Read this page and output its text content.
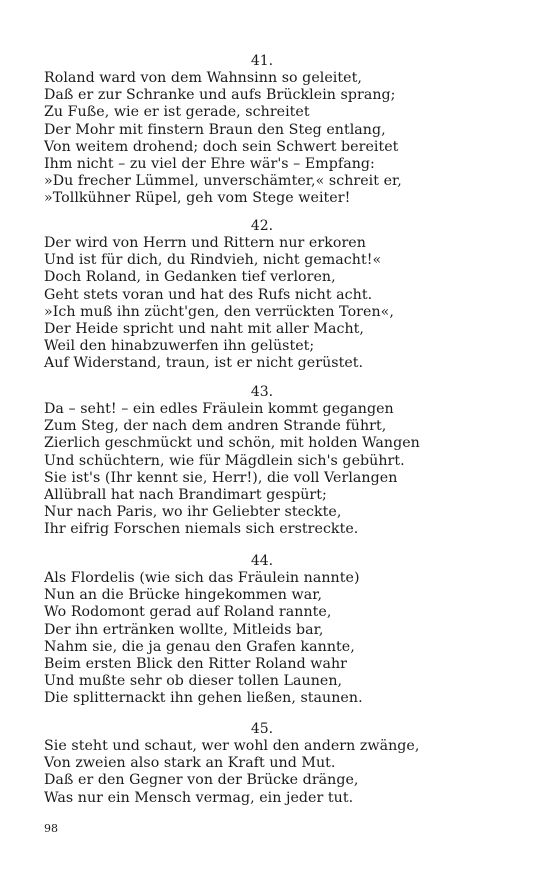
41.
Roland ward von dem Wahnsinn so geleitet,
Daß er zur Schranke und aufs Brücklein sprang;
Zu Fuße, wie er ist gerade, schreitet
Der Mohr mit finstern Braun den Steg entlang,
Von weitem drohend; doch sein Schwert bereitet
Ihm nicht – zu viel der Ehre wär's – Empfang:
»Du frecher Lümmel, unverschämter,« schreit er,
»Tollkühner Rüpel, geh vom Stege weiter!
42.
Der wird von Herrn und Rittern nur erkoren
Und ist für dich, du Rindvieh, nicht gemacht!«
Doch Roland, in Gedanken tief verloren,
Geht stets voran und hat des Rufs nicht acht.
»Ich muß ihn zücht'gen, den verrückten Toren«,
Der Heide spricht und naht mit aller Macht,
Weil den hinabzuwerfen ihn gelüstet;
Auf Widerstand, traun, ist er nicht gerüstet.
43.
Da – seht! – ein edles Fräulein kommt gegangen
Zum Steg, der nach dem andren Strande führt,
Zierlich geschmückt und schön, mit holden Wangen
Und schüchtern, wie für Mägdlein sich's gebührt.
Sie ist's (Ihr kennt sie, Herr!), die voll Verlangen
Allübrall hat nach Brandimart gespürt;
Nur nach Paris, wo ihr Geliebter steckte,
Ihr eifrig Forschen niemals sich erstreckte.
44.
Als Flordelis (wie sich das Fräulein nannte)
Nun an die Brücke hingekommen war,
Wo Rodomont gerad auf Roland rannte,
Der ihn ertränken wollte, Mitleids bar,
Nahm sie, die ja genau den Grafen kannte,
Beim ersten Blick den Ritter Roland wahr
Und mußte sehr ob dieser tollen Launen,
Die splitternackt ihn gehen ließen, staunen.
45.
Sie steht und schaut, wer wohl den andern zwänge,
Von zweien also stark an Kraft und Mut.
Daß er den Gegner von der Brücke dränge,
Was nur ein Mensch vermag, ein jeder tut.
98
